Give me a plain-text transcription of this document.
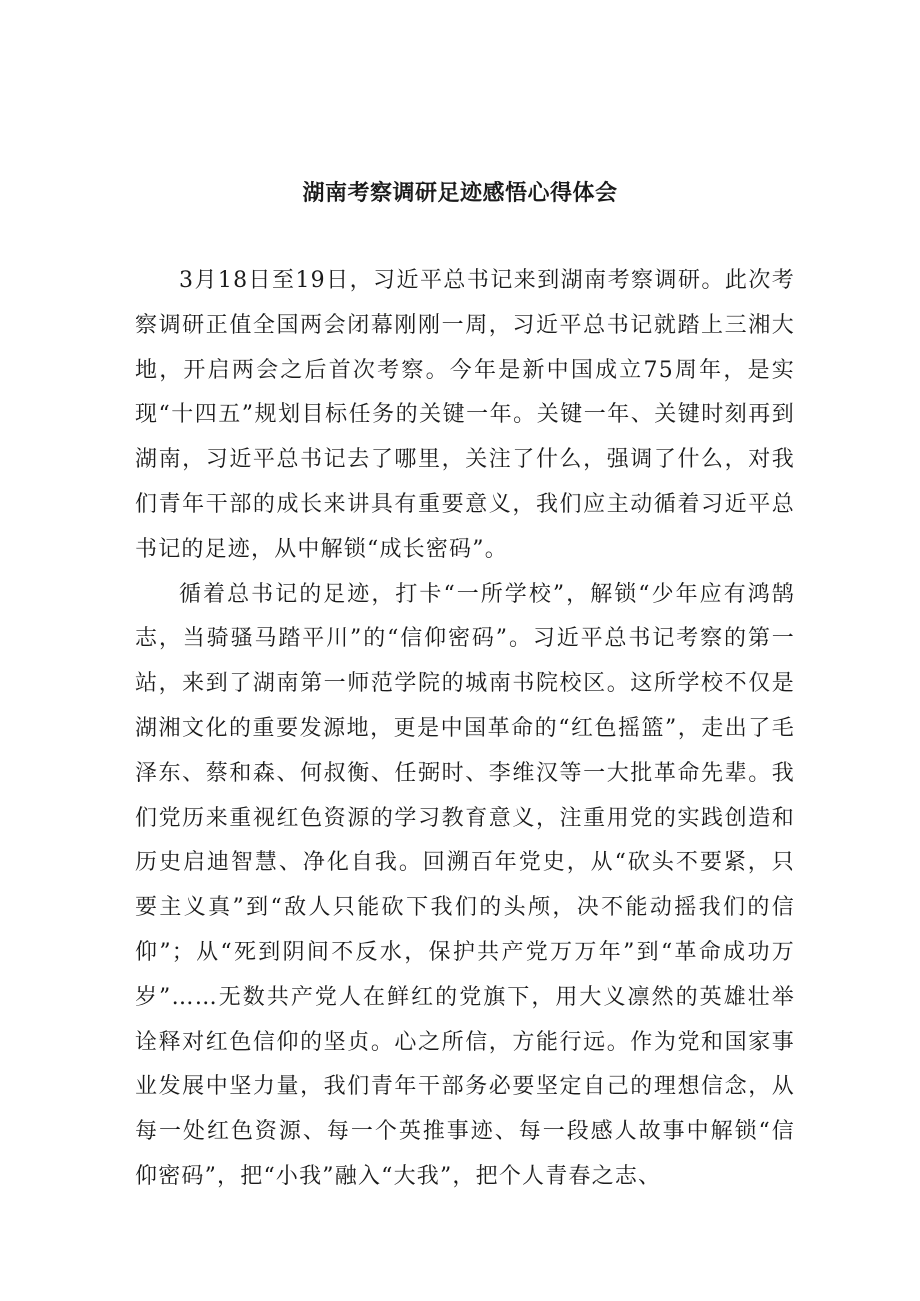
湖南考察调研足迹感悟心得体会

3月18日至19日，习近平总书记来到湖南考察调研。此次考察调研正值全国两会闭幕刚刚一周，习近平总书记就踏上三湘大地，开启两会之后首次考察。今年是新中国成立75周年，是实现“十四五”规划目标任务的关键一年。关键一年、关键时刻再到湖南，习近平总书记去了哪里，关注了什么，强调了什么，对我们青年干部的成长来讲具有重要意义，我们应主动循着习近平总书记的足迹，从中解锁“成长密码”。

循着总书记的足迹，打卡“一所学校”，解锁“少年应有鸿鹄志，当骑骚马踏平川”的“信仰密码”。习近平总书记考察的第一站，来到了湖南第一师范学院的城南书院校区。这所学校不仅是湖湘文化的重要发源地，更是中国革命的“红色摇篮”，走出了毛泽东、蔡和森、何叔衡、任弼时、李维汉等一大批革命先辈。我们党历来重视红色资源的学习教育意义，注重用党的实践创造和历史启迪智慧、净化自我。回溯百年党史，从“砍头不要紧，只要主义真”到“敌人只能砍下我们的头颅，决不能动摇我们的信仰”；从“死到阴间不反水，保护共产党万万年”到“革命成功万岁”……无数共产党人在鲜红的党旗下，用大义凛然的英雄壮举诠释对红色信仰的坚贞。心之所信，方能行远。作为党和国家事业发展中坚力量，我们青年干部务必要坚定自己的理想信念，从每一处红色资源、每一个英推事迹、每一段感人故事中解锁“信仰密码”，把“小我”融入“大我”，把个人青春之志、
